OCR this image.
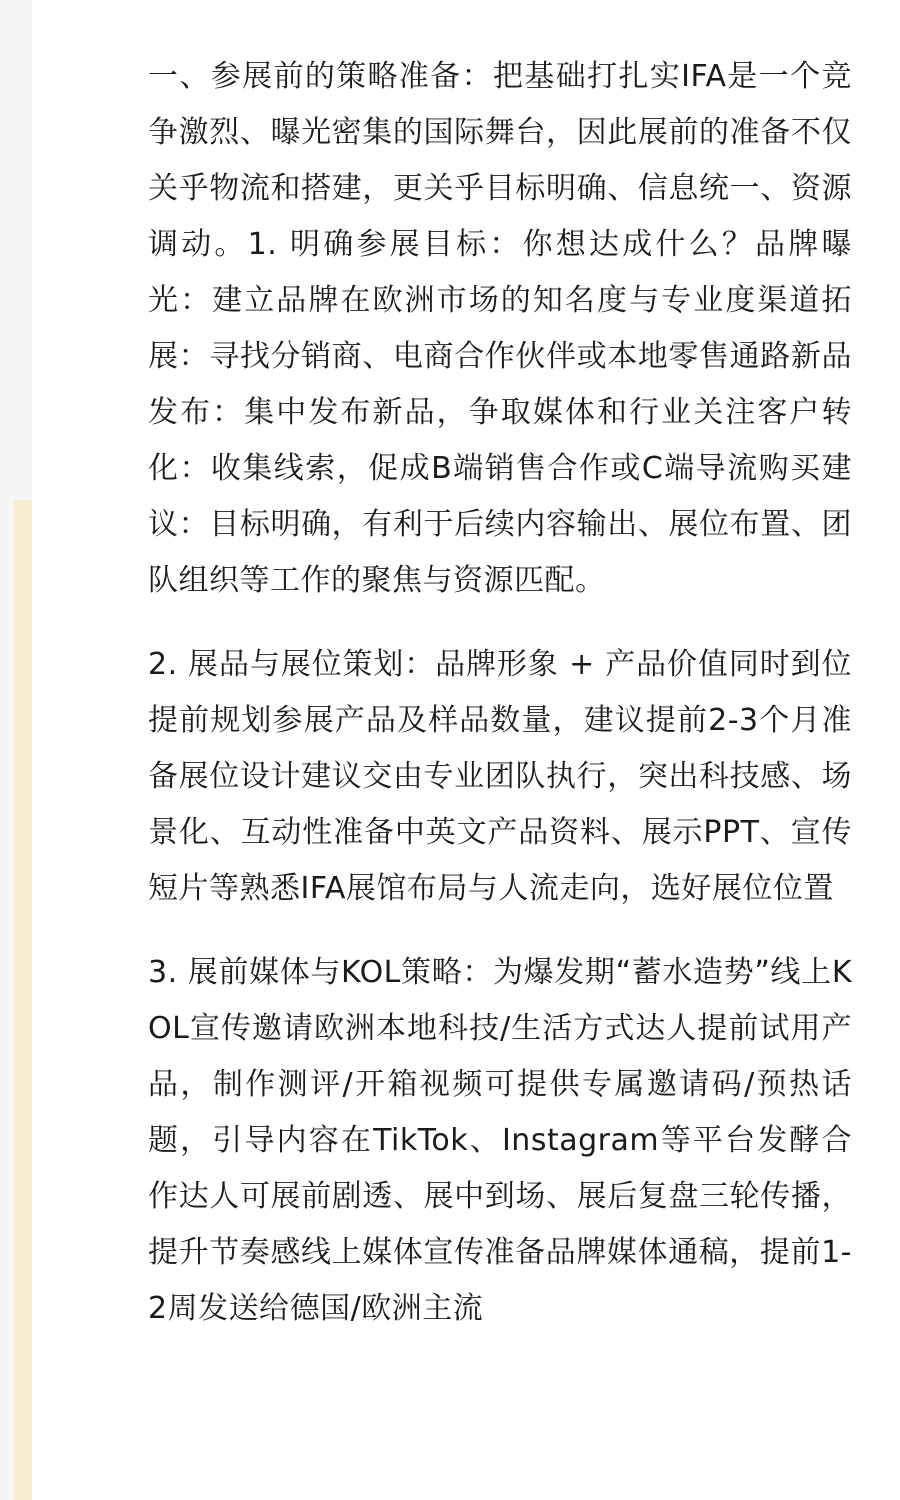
一、参展前的策略准备：把基础打扎实IFA是一个竞争激烈、曝光密集的国际舞台，因此展前的准备不仅关乎物流和搭建，更关乎目标明确、信息统一、资源调动。1. 明确参展目标：你想达成什么？品牌曝光：建立品牌在欧洲市场的知名度与专业度渠道拓展：寻找分销商、电商合作伙伴或本地零售通路新品发布：集中发布新品，争取媒体和行业关注客户转化：收集线索，促成B端销售合作或C端导流购买建议：目标明确，有利于后续内容输出、展位布置、团队组织等工作的聚焦与资源匹配。

2. 展品与展位策划：品牌形象 + 产品价值同时到位提前规划参展产品及样品数量，建议提前2-3个月准备展位设计建议交由专业团队执行，突出科技感、场景化、互动性准备中英文产品资料、展示PPT、宣传短片等熟悉IFA展馆布局与人流走向，选好展位位置

3. 展前媒体与KOL策略：为爆发期“蓄水造势”线上KOL宣传邀请欧洲本地科技/生活方式达人提前试用产品，制作测评/开箱视频可提供专属邀请码/预热话题，引导内容在TikTok、Instagram等平台发酵合作达人可展前剧透、展中到场、展后复盘三轮传播，提升节奏感线上媒体宣传准备品牌媒体通稿，提前1-2周发送给德国/欧洲主流
